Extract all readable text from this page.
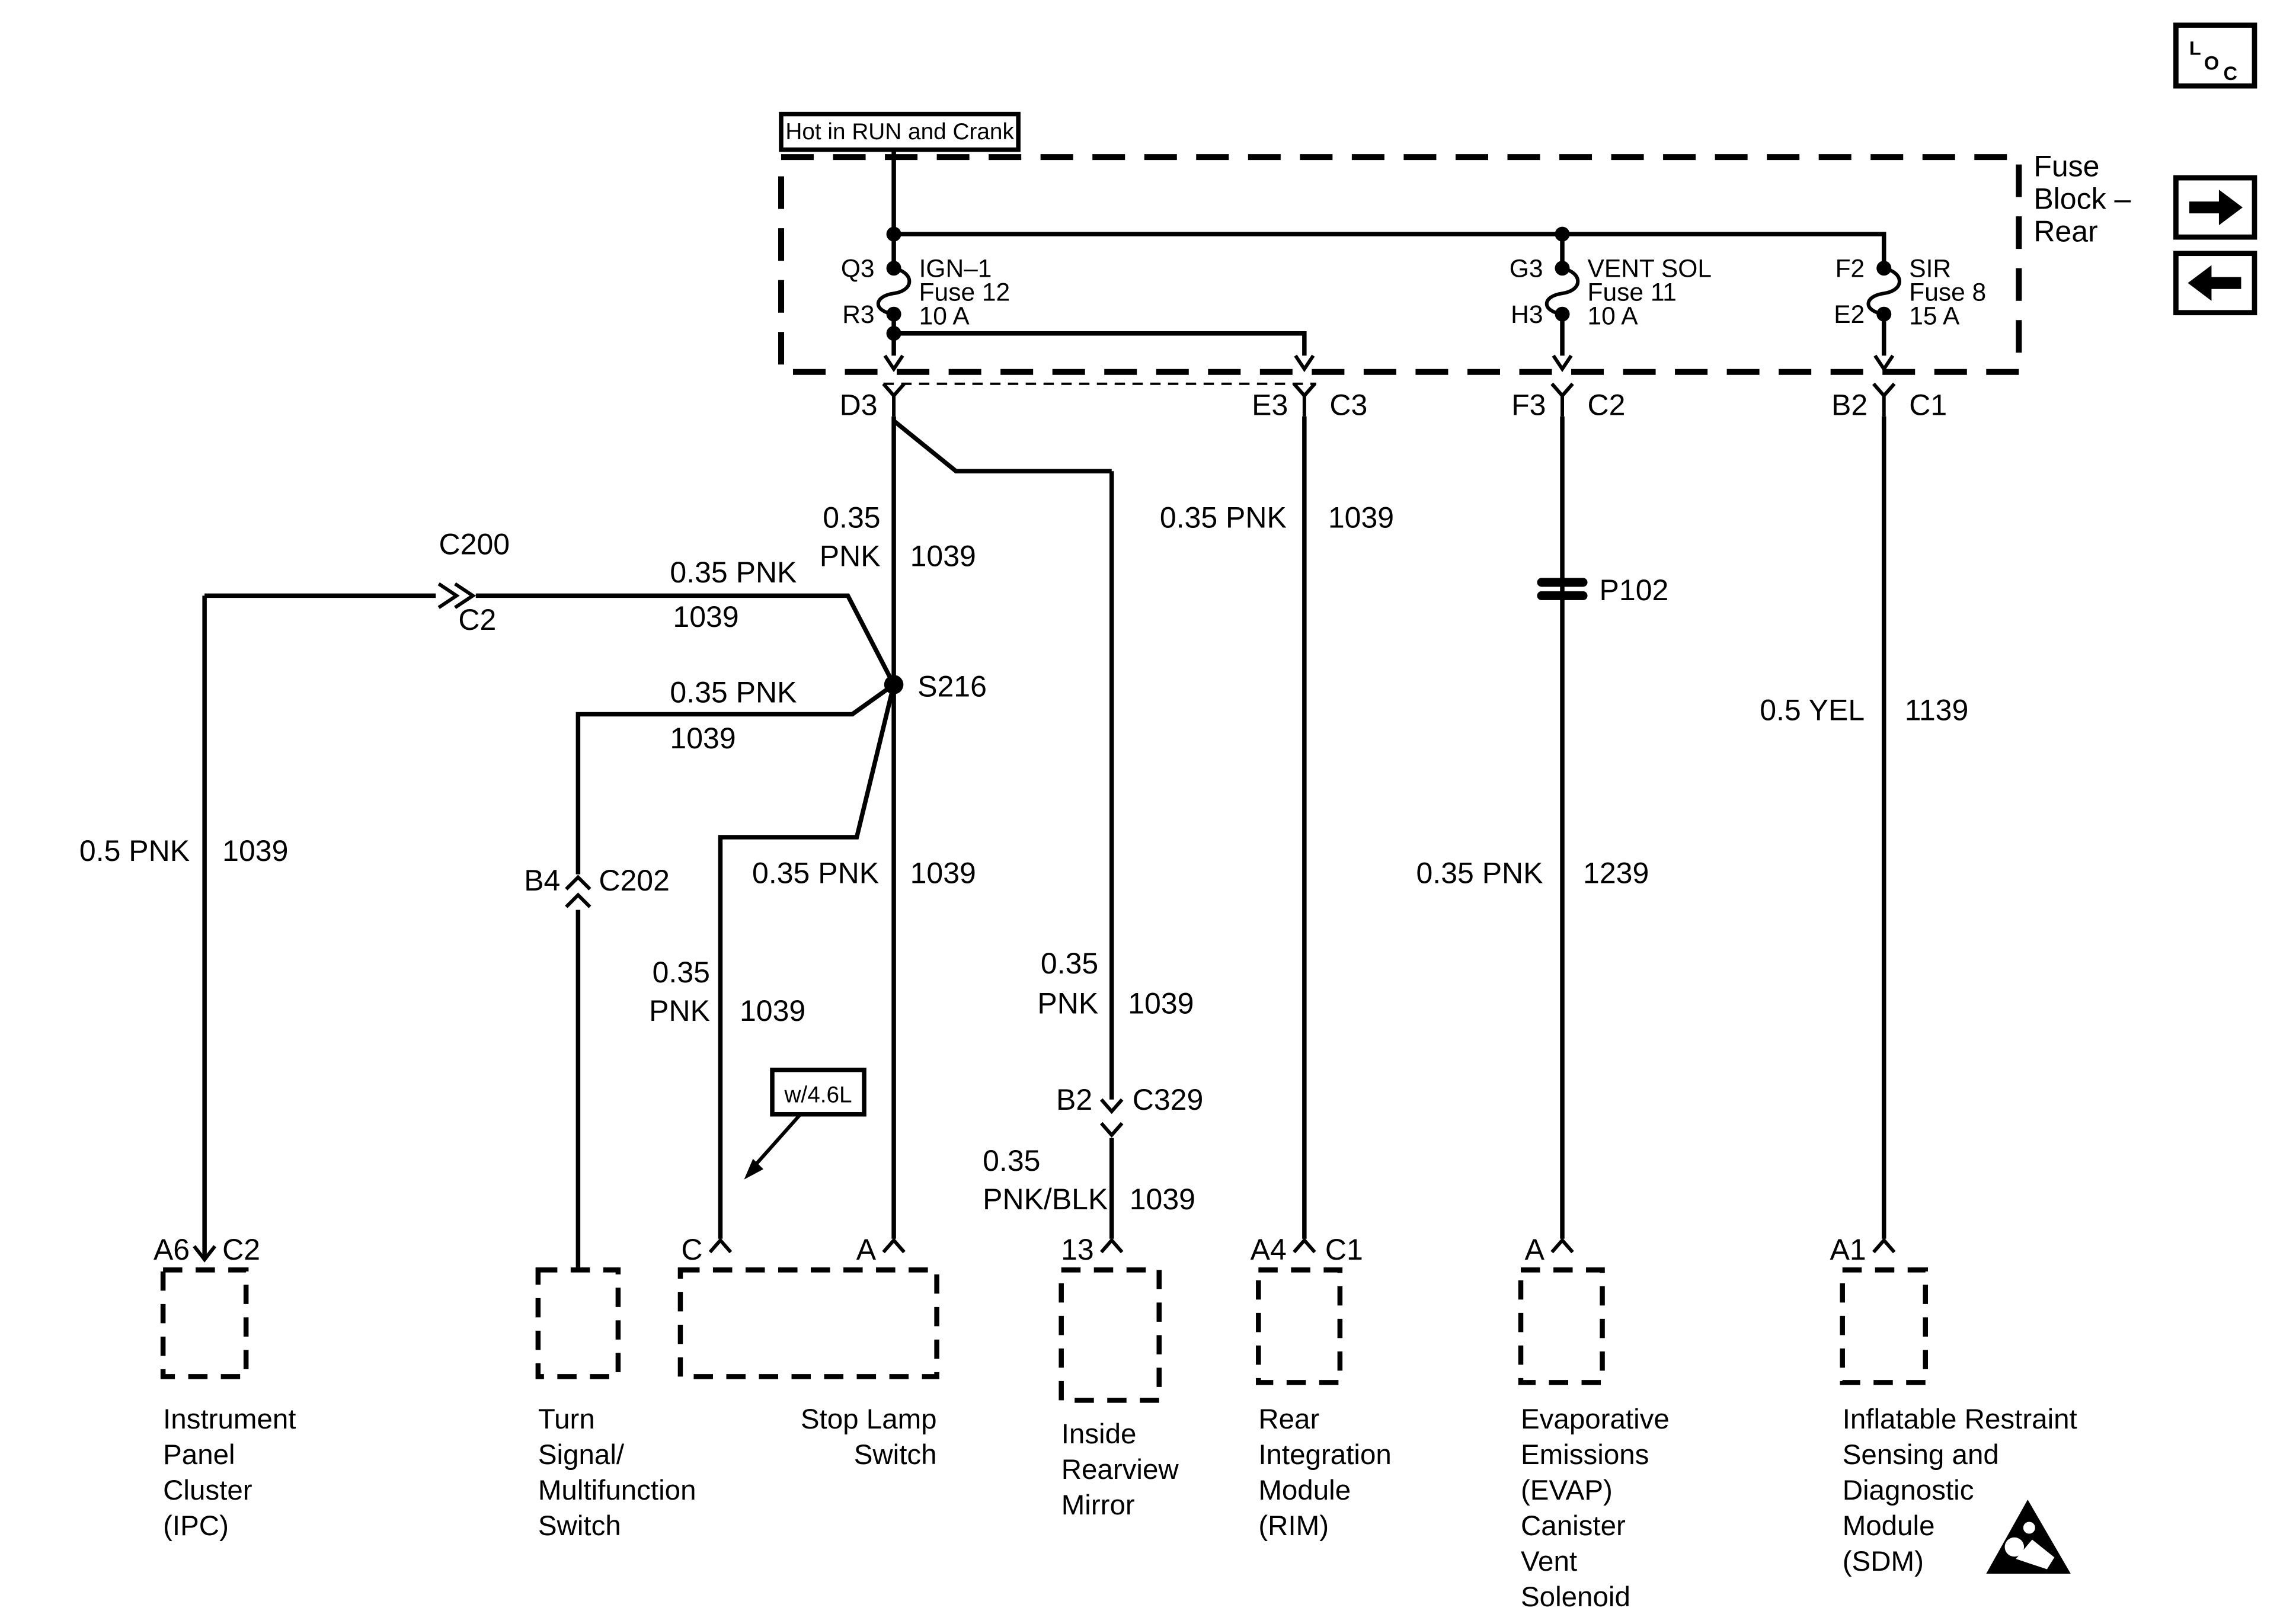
Hot in RUN and Crank
Fuse
Block –
Rear
Q3
R3
IGN–1
Fuse 12
10 A
G3
H3
VENT SOL
Fuse 11
10 A
F2
E2
SIR
Fuse 8
15 A
D3	E3	C3	F3	C2	B2	C1
0.35
PNK	1039
C200
C2
0.35 PNK
1039
0.5 PNK	1039
S216
0.35 PNK
1039
B4	C202
0.35
PNK	1039
0.35 PNK	1039
w/4.6L
0.35
PNK	1039
B2	C329
0.35
PNK/BLK 1039
0.35 PNK	1039
P102
0.35 PNK	1239
0.5 YEL	1139
A6	C2	C	A	13	A4	C1	A	A1
Instrument
Panel
Cluster
(IPC)
Turn
Signal/
Multifunction
Switch
Stop Lamp
Switch
Inside
Rearview
Mirror
Rear
Integration
Module
(RIM)
Evaporative
Emissions
(EVAP)
Canister
Vent
Solenoid
Inflatable Restraint
Sensing and
Diagnostic
Module
(SDM)
L
O C
